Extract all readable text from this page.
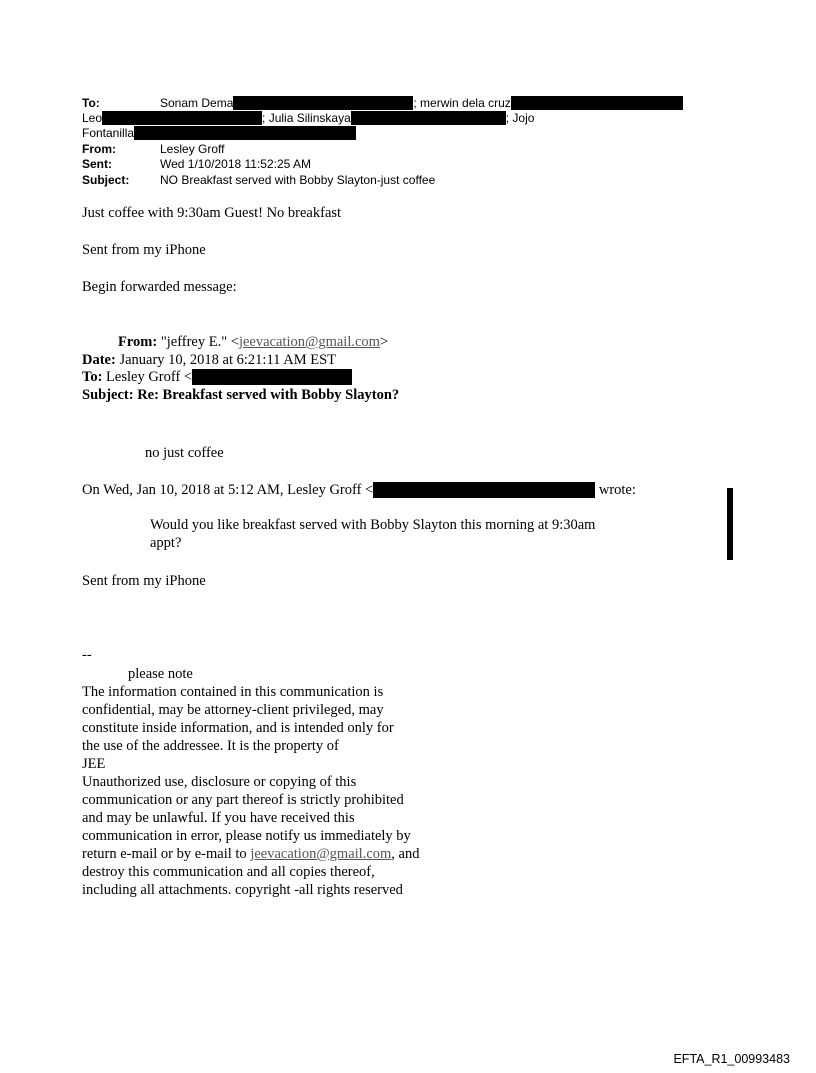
To:	Sonam Dema	; merwin dela cruz
Leo	; Julia Silinskaya	; Jojo
Fontanilla
From:	Lesley Groff
Sent:	Wed 1/10/2018 11:52:25 AM
Subject:	NO Breakfast served with Bobby Slayton-just coffee
Just coffee with 9:30am Guest! No breakfast
Sent from my iPhone
Begin forwarded message:
From: "jeffrey E." <jeevacation@gmail.com>
Date: January 10, 2018 at 6:21:11 AM EST
To: Lesley Groff <
Subject: Re: Breakfast served with Bobby Slayton?
no just coffee
On Wed, Jan 10, 2018 at 5:12 AM, Lesley Groff <	wrote:
Would you like breakfast served with Bobby Slayton this morning at 9:30am
appt?
Sent from my iPhone
--
please note
The information contained in this communication is
confidential, may be attorney-client privileged, may
constitute inside information, and is intended only for
the use of the addressee. It is the property of
JEE
Unauthorized use, disclosure or copying of this
communication or any part thereof is strictly prohibited
and may be unlawful. If you have received this
communication in error, please notify us immediately by
return e-mail or by e-mail to jeevacation@gmail.com, and
destroy this communication and all copies thereof,
including all attachments. copyright -all rights reserved
EFTA_R1_00993483
